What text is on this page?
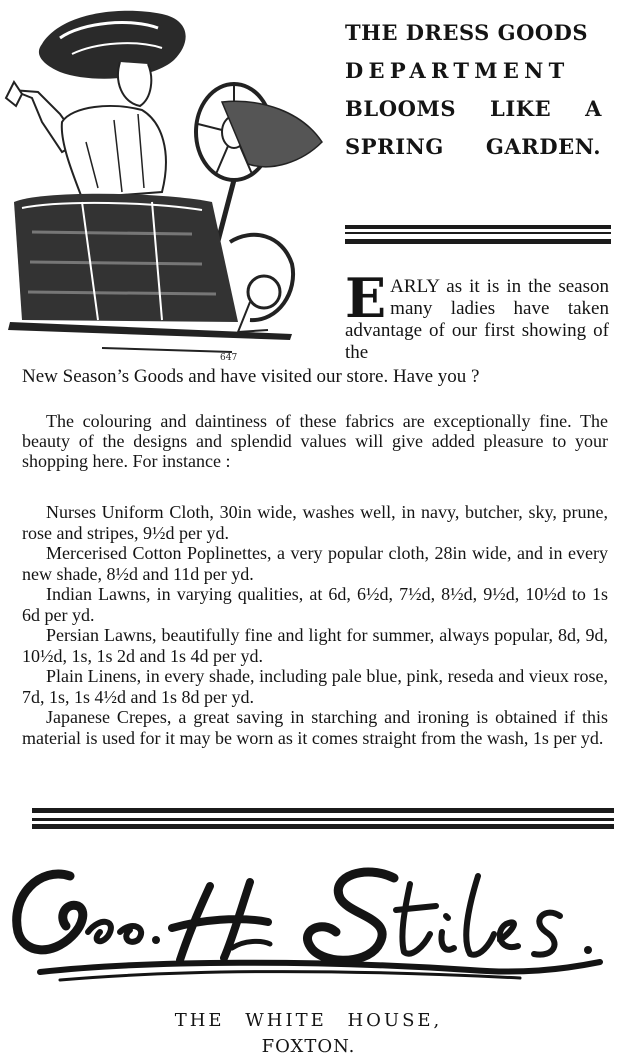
647
THE DRESS GOODS
DEPARTMENT
BLOOMS LIKE A
SPRING GARDEN.

EARLY as it is in the season many ladies have taken advantage of our first showing of the

New Season’s Goods and have visited our store. Have you ?

The colouring and daintiness of these fabrics are exceptionally fine. The beauty of the designs and splendid values will give added pleasure to your shopping here. For instance :

Nurses Uniform Cloth, 30in wide, washes well, in navy, butcher, sky, prune, rose and stripes, 9½d per yd.
Mercerised Cotton Poplinettes, a very popular cloth, 28in wide, and in every new shade, 8½d and 11d per yd.
Indian Lawns, in varying qualities, at 6d, 6½d, 7½d, 8½d, 9½d, 10½d to 1s 6d per yd.
Persian Lawns, beautifully fine and light for summer, always popular, 8d, 9d, 10½d, 1s, 1s 2d and 1s 4d per yd.
Plain Linens, in every shade, including pale blue, pink, reseda and vieux rose, 7d, 1s, 1s 4½d and 1s 8d per yd.
Japanese Crepes, a great saving in starching and ironing is obtained if this material is used for it may be worn as it comes straight from the wash, 1s per yd.
Geo. H. Stiles.

THE WHITE HOUSE,

FOXTON.
